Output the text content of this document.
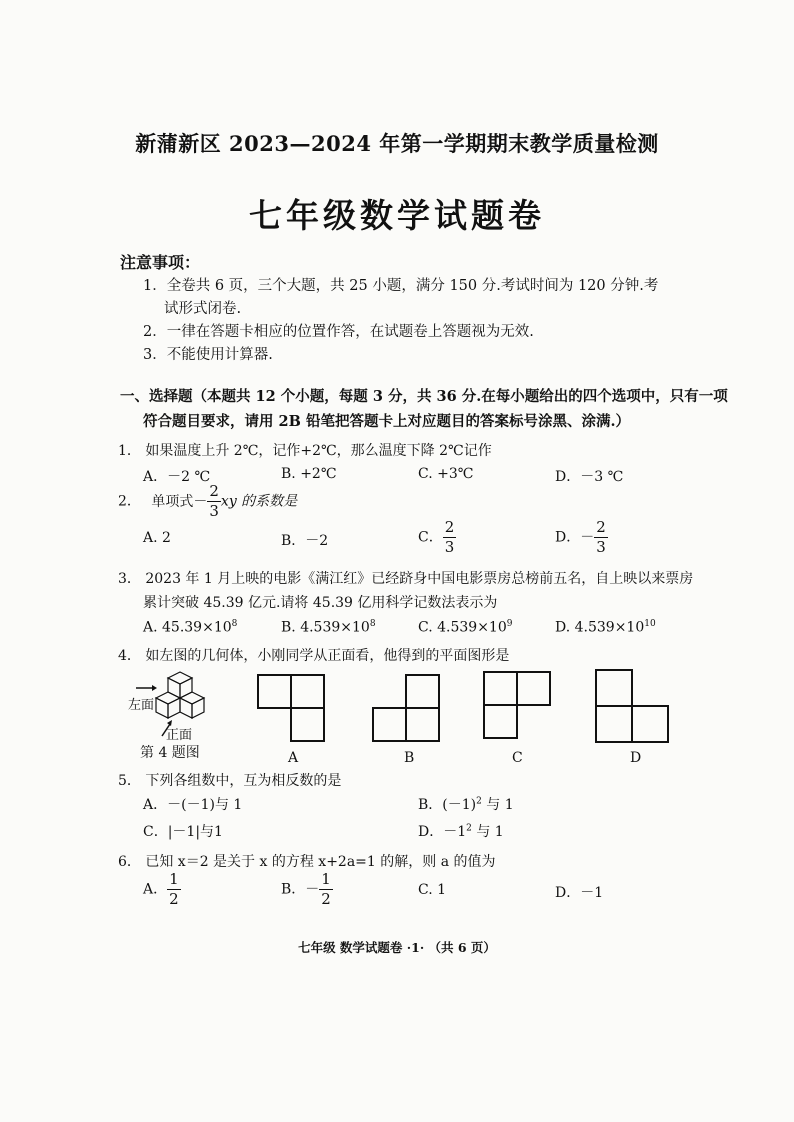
新蒲新区 2023—2024 年第一学期期末教学质量检测
七年级数学试题卷
注意事项：
1．全卷共 6 页，三个大题，共 25 小题，满分 150 分.考试时间为 120 分钟.考
试形式闭卷.
2．一律在答题卡相应的位置作答，在试题卷上答题视为无效.
3．不能使用计算器.
一、选择题（本题共 12 个小题，每题 3 分，共 36 分.在每小题给出的四个选项中，只有一项
符合题目要求，请用 2B 铅笔把答题卡上对应题目的答案标号涂黑、涂满.）
1． 如果温度上升 2℃，记作+2℃，那么温度下降 2℃记作
A．－2 ℃	B. +2℃	C. +3℃	D．－3 ℃
2． 单项式－ $\frac{2}{3}$ xy 的系数是
A. 2	B．－2	C． $\frac{2}{3}$	D．－ $\frac{2}{3}$
3． 2023 年 1 月上映的电影《满江红》已经跻身中国电影票房总榜前五名，自上映以来票房
累计突破 45.39 亿元.请将 45.39 亿用科学记数法表示为
A. $45.39\times 10^8$	B. $4.539\times 10^8$	C. $4.539\times 10^9$	D. $4.539\times 10^{10}$
4． 如左图的几何体，小刚同学从正面看，他得到的平面图形是
左面
正面
第 4 题图	A	B	C	D
5． 下列各组数中，互为相反数的是
A．－(－1)与 1	B．$(-1)^2$ 与 1
C．|－1|与1	D．$-1^2$ 与 1
6． 已知 x＝2 是关于 x 的方程 x+2a=1 的解，则 a 的值为
A． $\frac{1}{2}$	B．－ $\frac{1}{2}$	C. 1	D．－1
七年级 数学试题卷 ·1· （共 6 页）
